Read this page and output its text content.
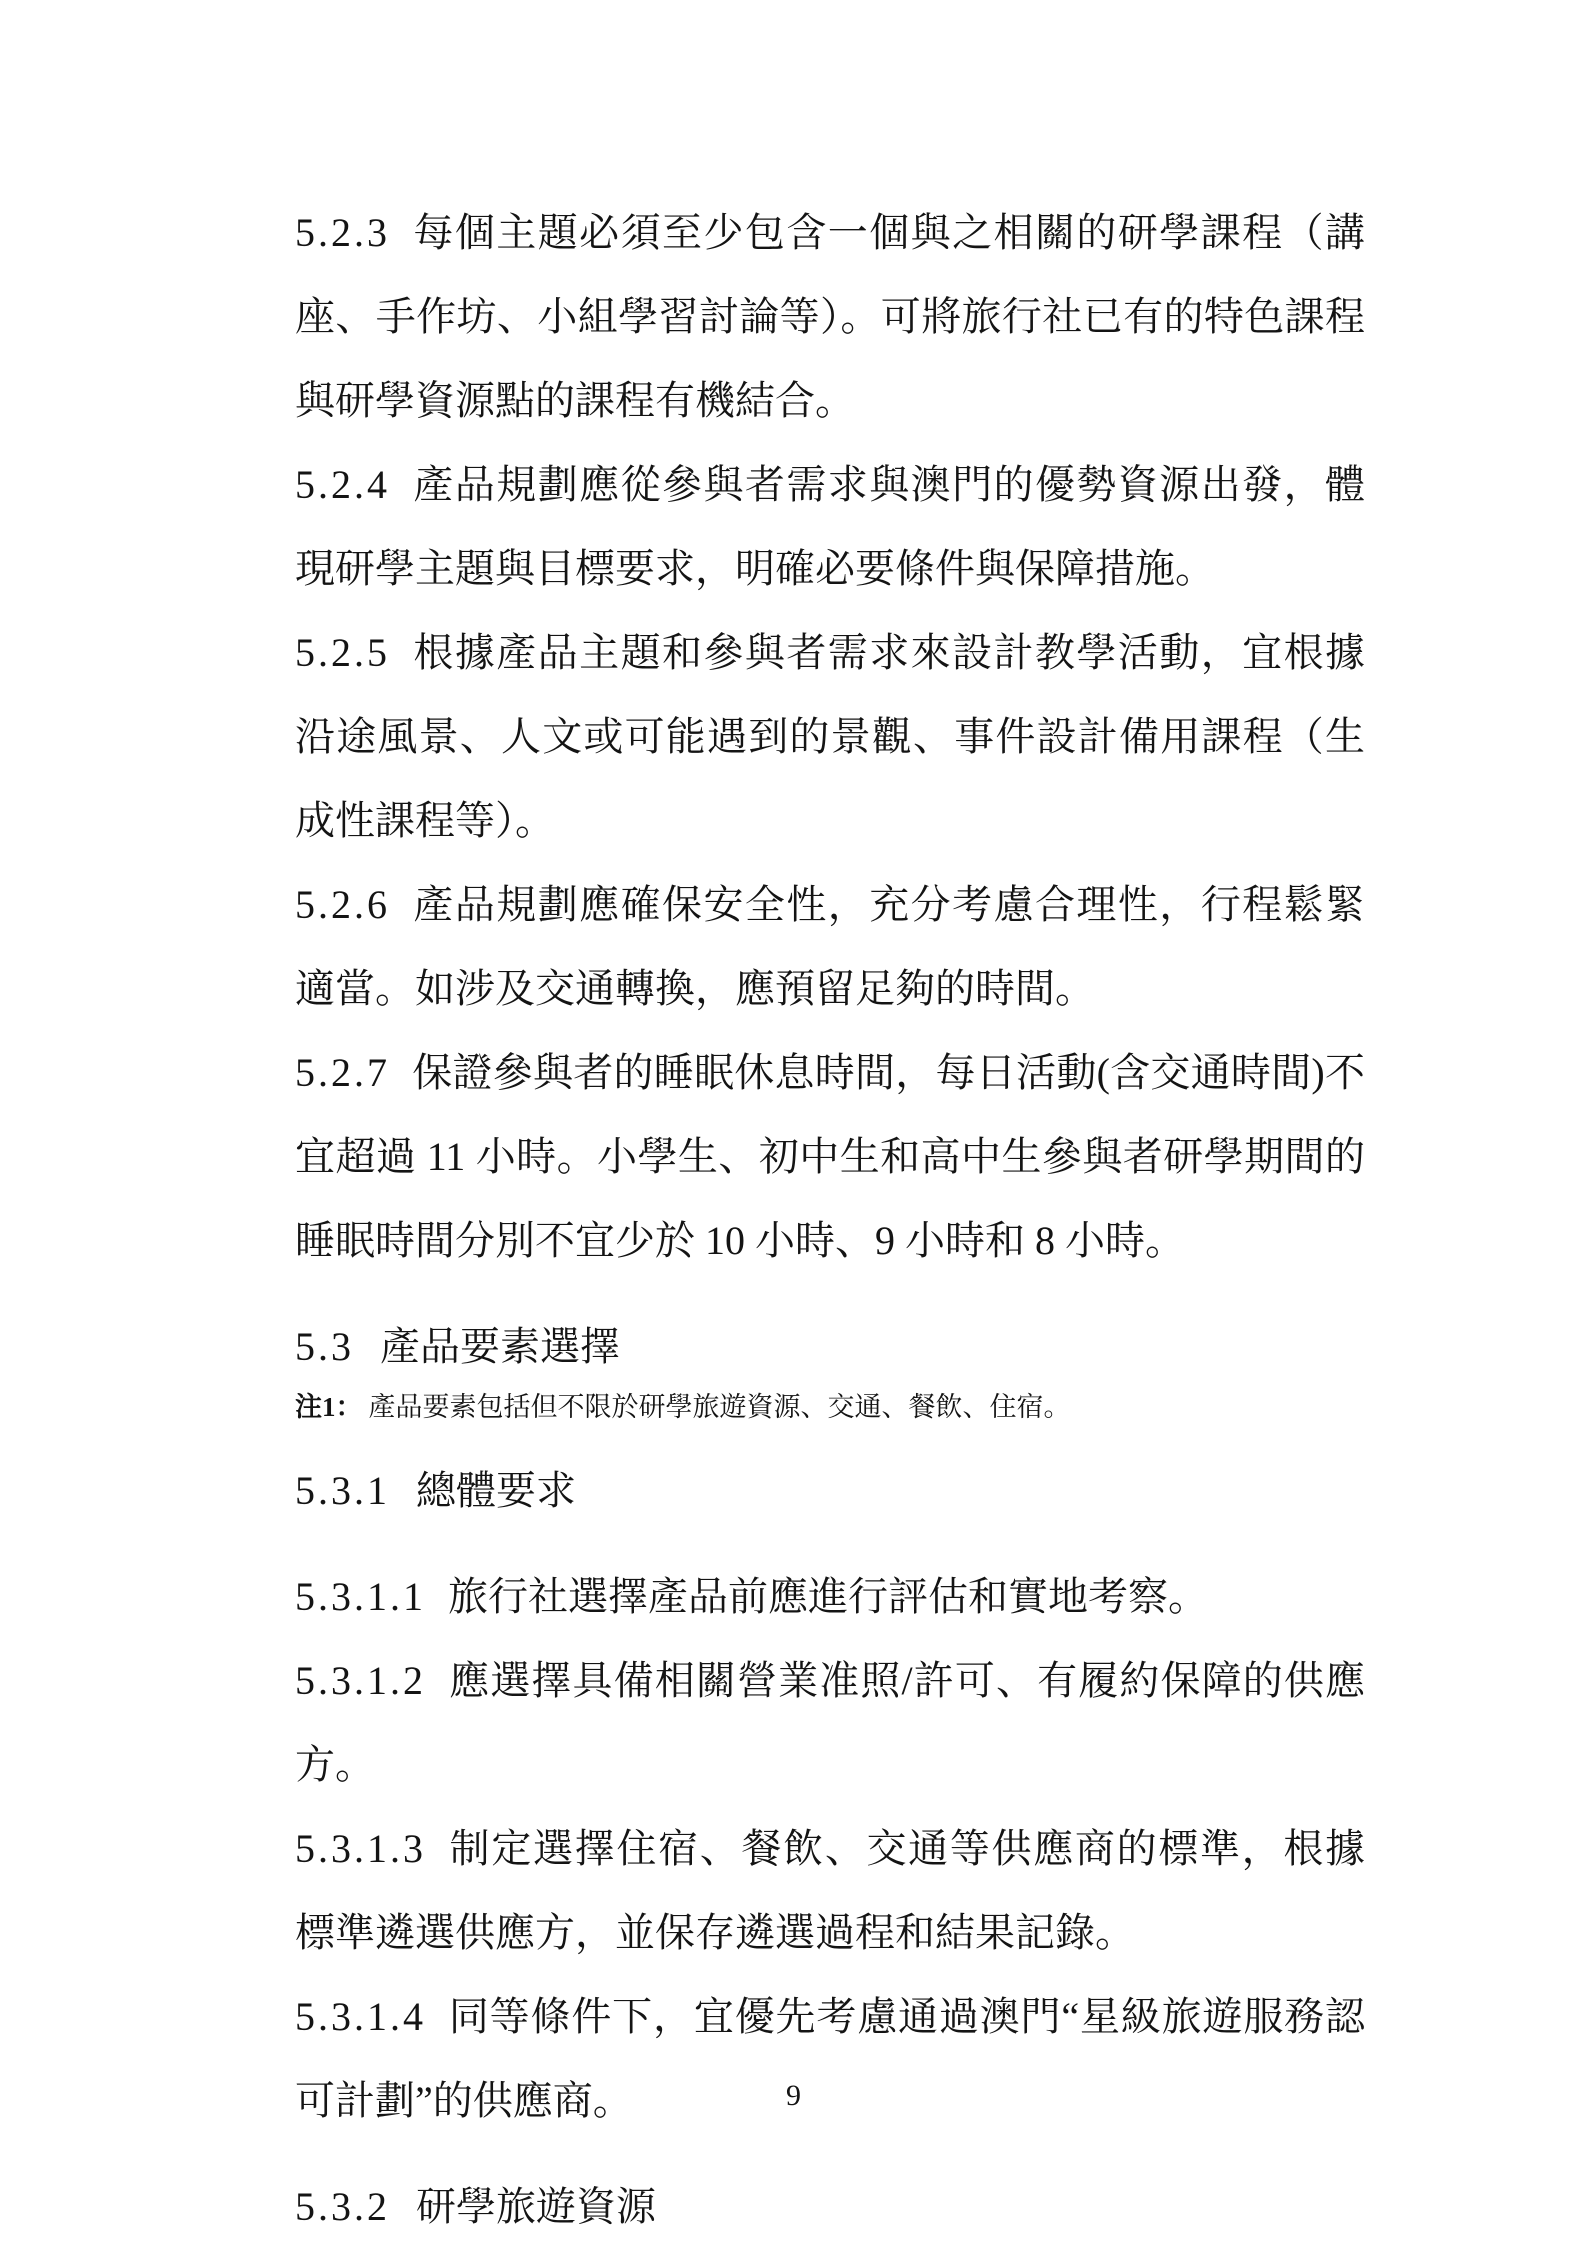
5.2.3 每個主題必須至少包含一個與之相關的研學課程（講座、手作坊、小組學習討論等）。可將旅行社已有的特色課程與研學資源點的課程有機結合。

5.2.4 產品規劃應從參與者需求與澳門的優勢資源出發，體現研學主題與目標要求，明確必要條件與保障措施。

5.2.5 根據產品主題和參與者需求來設計教學活動，宜根據沿途風景、人文或可能遇到的景觀、事件設計備用課程（生成性課程等）。

5.2.6 產品規劃應確保安全性，充分考慮合理性，行程鬆緊適當。如涉及交通轉換，應預留足夠的時間。

5.2.7 保證參與者的睡眠休息時間，每日活動(含交通時間)不宜超過 11 小時。小學生、初中生和高中生參與者研學期間的睡眠時間分別不宜少於 10 小時、9 小時和 8 小時。

5.3 產品要素選擇

注1： 產品要素包括但不限於研學旅遊資源、交通、餐飲、住宿。

5.3.1 總體要求

5.3.1.1 旅行社選擇產品前應進行評估和實地考察。

5.3.1.2 應選擇具備相關營業准照/許可、有履約保障的供應方。

5.3.1.3 制定選擇住宿、餐飲、交通等供應商的標準，根據標準遴選供應方，並保存遴選過程和結果記錄。

5.3.1.4 同等條件下，宜優先考慮通過澳門“星級旅遊服務認可計劃”的供應商。

5.3.2 研學旅遊資源
9
